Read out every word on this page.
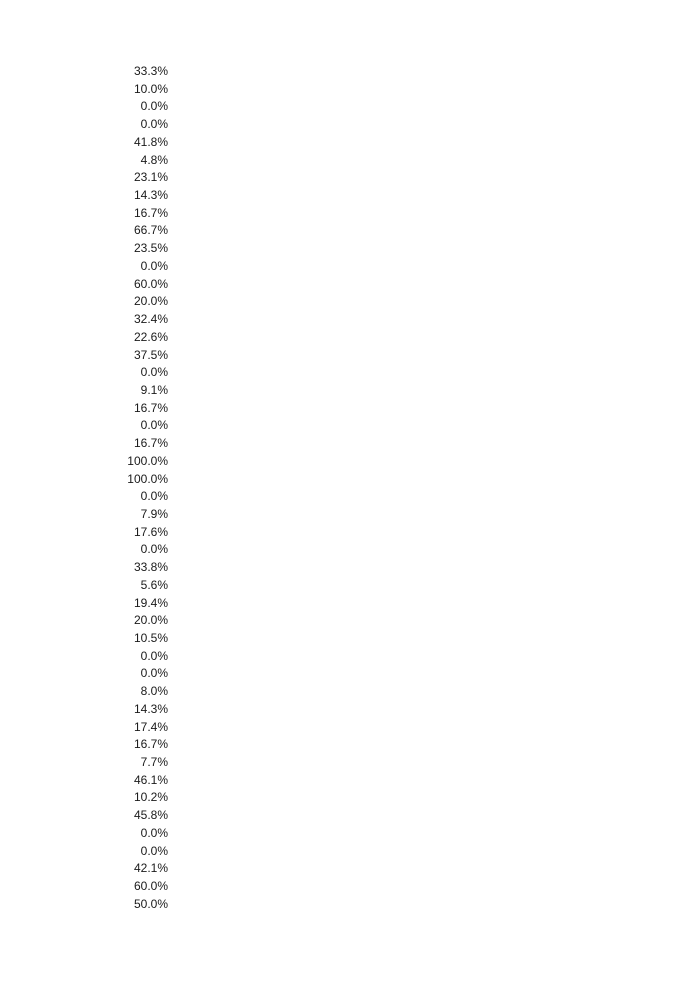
33.3%
10.0%
0.0%
0.0%
41.8%
4.8%
23.1%
14.3%
16.7%
66.7%
23.5%
0.0%
60.0%
20.0%
32.4%
22.6%
37.5%
0.0%
9.1%
16.7%
0.0%
16.7%
100.0%
100.0%
0.0%
7.9%
17.6%
0.0%
33.8%
5.6%
19.4%
20.0%
10.5%
0.0%
0.0%
8.0%
14.3%
17.4%
16.7%
7.7%
46.1%
10.2%
45.8%
0.0%
0.0%
42.1%
60.0%
50.0%
